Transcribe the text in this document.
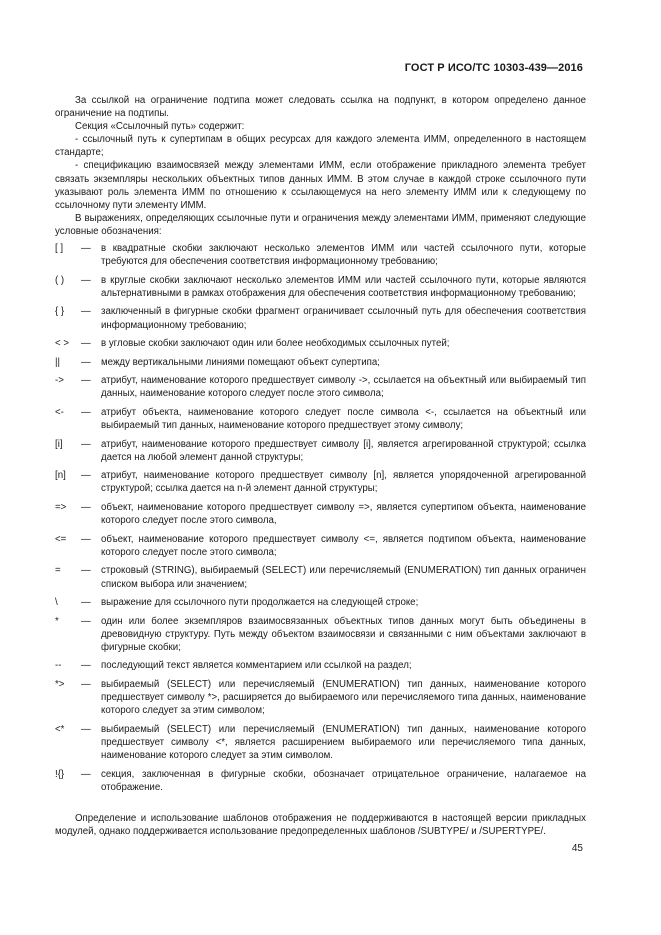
ГОСТ Р ИСО/ТС 10303-439—2016

За ссылкой на ограничение подтипа может следовать ссылка на подпункт, в котором определено данное ограничение на подтипы.

Секция «Ссылочный путь» содержит:

- ссылочный путь к супертипам в общих ресурсах для каждого элемента ИММ, определенного в настоящем стандарте;

- спецификацию взаимосвязей между элементами ИММ, если отображение прикладного элемента требует связать экземпляры нескольких объектных типов данных ИММ. В этом случае в каждой строке ссылочного пути указывают роль элемента ИММ по отношению к ссылающемуся на него элементу ИММ или к следующему по ссылочному пути элементу ИММ.

В выражениях, определяющих ссылочные пути и ограничения между элементами ИММ, применяют следующие условные обозначения:

[ ]	—	в квадратные скобки заключают несколько элементов ИММ или частей ссылочного пути, которые требуются для обеспечения соответствия информационному требованию;
( )	—	в круглые скобки заключают несколько элементов ИММ или частей ссылочного пути, которые являются альтернативными в рамках отображения для обеспечения соответствия информационному требованию;
{ }	—	заключенный в фигурные скобки фрагмент ограничивает ссылочный путь для обеспечения соответствия информационному требованию;
< >	—	в угловые скобки заключают один или более необходимых ссылочных путей;
||	—	между вертикальными линиями помещают объект супертипа;
->	—	атрибут, наименование которого предшествует символу ->, ссылается на объектный или выбираемый тип данных, наименование которого следует после этого символа;
<-	—	атрибут объекта, наименование которого следует после символа <-, ссылается на объектный или выбираемый тип данных, наименование которого предшествует этому символу;
[i]	—	атрибут, наименование которого предшествует символу [i], является агрегированной структурой; ссылка дается на любой элемент данной структуры;
[n]	—	атрибут, наименование которого предшествует символу [n], является упорядоченной агрегированной структурой; ссылка дается на n-й элемент данной структуры;
=>	—	объект, наименование которого предшествует символу =>, является супертипом объекта, наименование которого следует после этого символа,
<=	—	объект, наименование которого предшествует символу <=, является подтипом объекта, наименование которого следует после этого символа;
=	—	строковый (STRING), выбираемый (SELECT) или перечисляемый (ENUMERATION) тип данных ограничен списком выбора или значением;
\	—	выражение для ссылочного пути продолжается на следующей строке;
*	—	один или более экземпляров взаимосвязанных объектных типов данных могут быть объединены в древовидную структуру. Путь между объектом взаимосвязи и связанными с ним объектами заключают в фигурные скобки;
--	—	последующий текст является комментарием или ссылкой на раздел;
*>	—	выбираемый (SELECT) или перечисляемый (ENUMERATION) тип данных, наименование которого предшествует символу *>, расширяется до выбираемого или перечисляемого типа данных, наименование которого следует за этим символом;
<*	—	выбираемый (SELECT) или перечисляемый (ENUMERATION) тип данных, наименование которого предшествует символу <*, является расширением выбираемого или перечисляемого типа данных, наименование которого следует за этим символом.
!{}	—	секция, заключенная в фигурные скобки, обозначает отрицательное ограничение, налагаемое на отображение.

Определение и использование шаблонов отображения не поддерживаются в настоящей версии прикладных модулей, однако поддерживается использование предопределенных шаблонов /SUBTYPE/ и /SUPERTYPE/.

45
